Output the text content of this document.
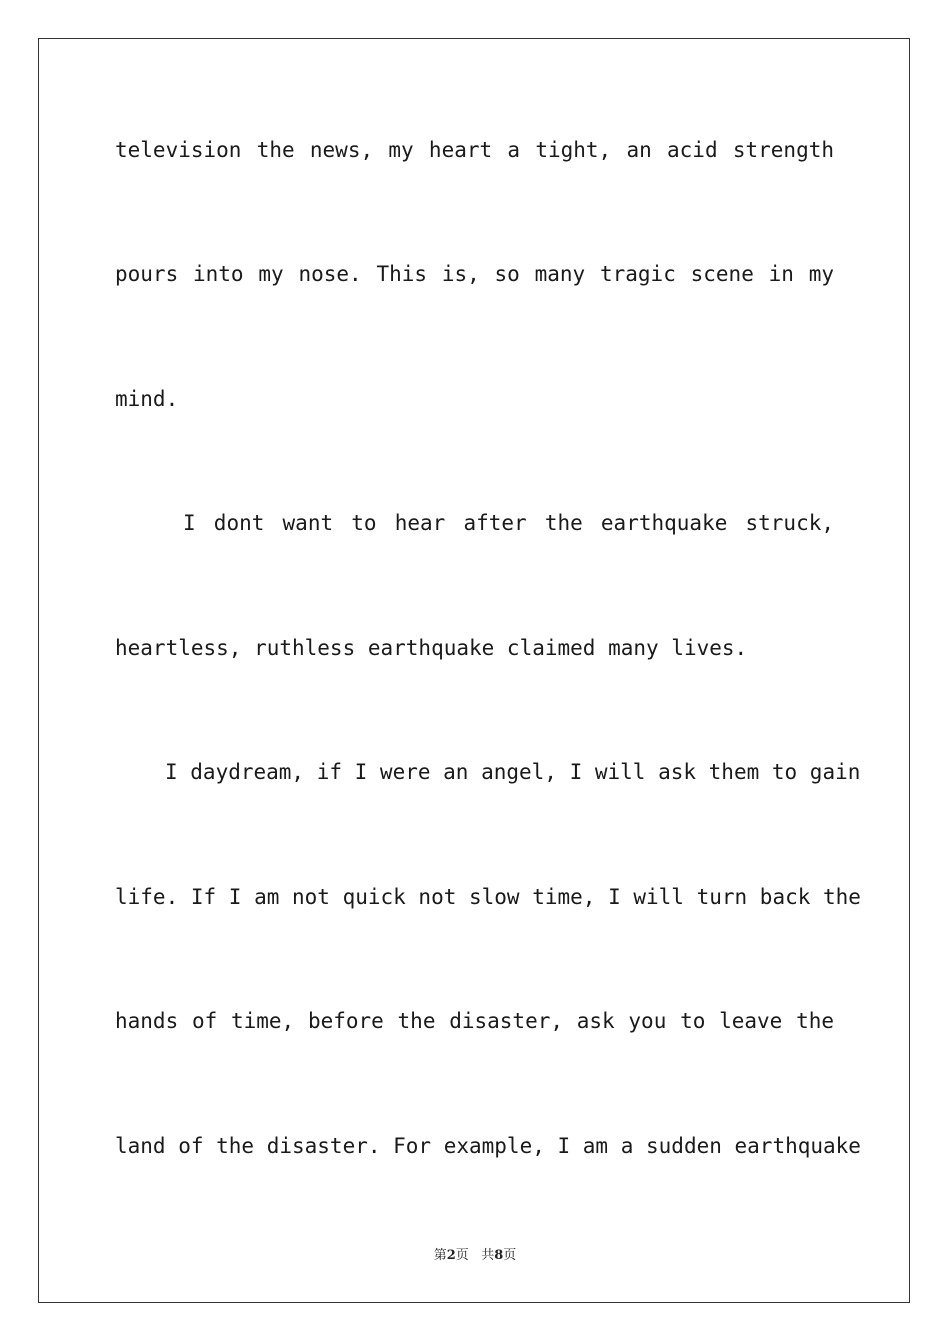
television the news, my heart a tight, an acid strength

pours into my nose. This is, so many tragic scene in my

mind.

I dont want to hear after the earthquake struck,

heartless, ruthless earthquake claimed many lives.

I daydream, if I were an angel, I will ask them to gain

life. If I am not quick not slow time, I will turn back the

hands of time, before the disaster, ask you to leave the

land of the disaster. For example, I am a sudden earthquake

第2页 共8页
